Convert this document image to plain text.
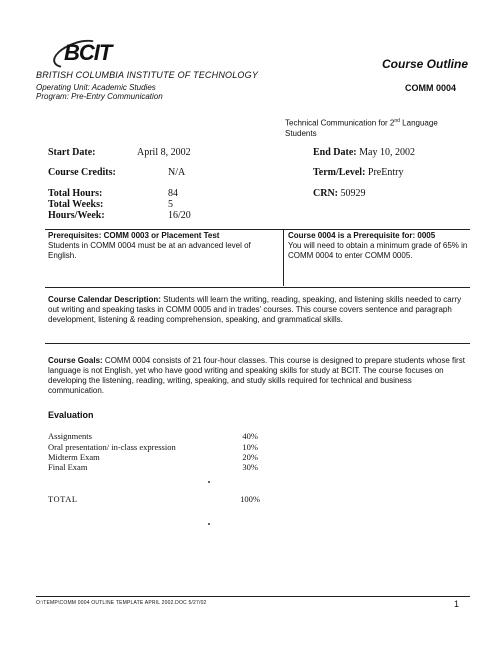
BCIT
BRITISH COLUMBIA INSTITUTE OF TECHNOLOGY
Operating Unit: Academic Studies
Program: Pre-Entry Communication
Course Outline
COMM 0004
Technical Communication for 2nd Language
Students
Start Date:	April 8, 2002	End Date: May 10, 2002
Course Credits:	N/A	Term/Level: PreEntry
Total Hours:	84	CRN: 50929
Total Weeks:	5
Hours/Week:	16/20
Prerequisites: COMM 0003 or Placement Test
Students in COMM 0004 must be at an advanced level of English.
Course 0004 is a Prerequisite for: 0005
You will need to obtain a minimum grade of 65% in COMM 0004 to enter COMM 0005.
Course Calendar Description: Students will learn the writing, reading, speaking, and listening skills needed to carry out writing and speaking tasks in COMM 0005 and in trades' courses. This course covers sentence and paragraph development, listening & reading comprehension, speaking, and grammatical skills.
Course Goals: COMM 0004 consists of 21 four-hour classes. This course is designed to prepare students whose first language is not English, yet who have good writing and speaking skills for study at BCIT. The course focuses on developing the listening, reading, writing, speaking, and study skills required for technical and business communication.
Evaluation
Assignments	40%
Oral presentation/ in-class expression	10%
Midterm Exam	20%
Final Exam	30%
TOTAL	100%
O:\TEMP\COMM 0004 OUTLINE TEMPLATE APRIL 2002.DOC 5/27/02	1
